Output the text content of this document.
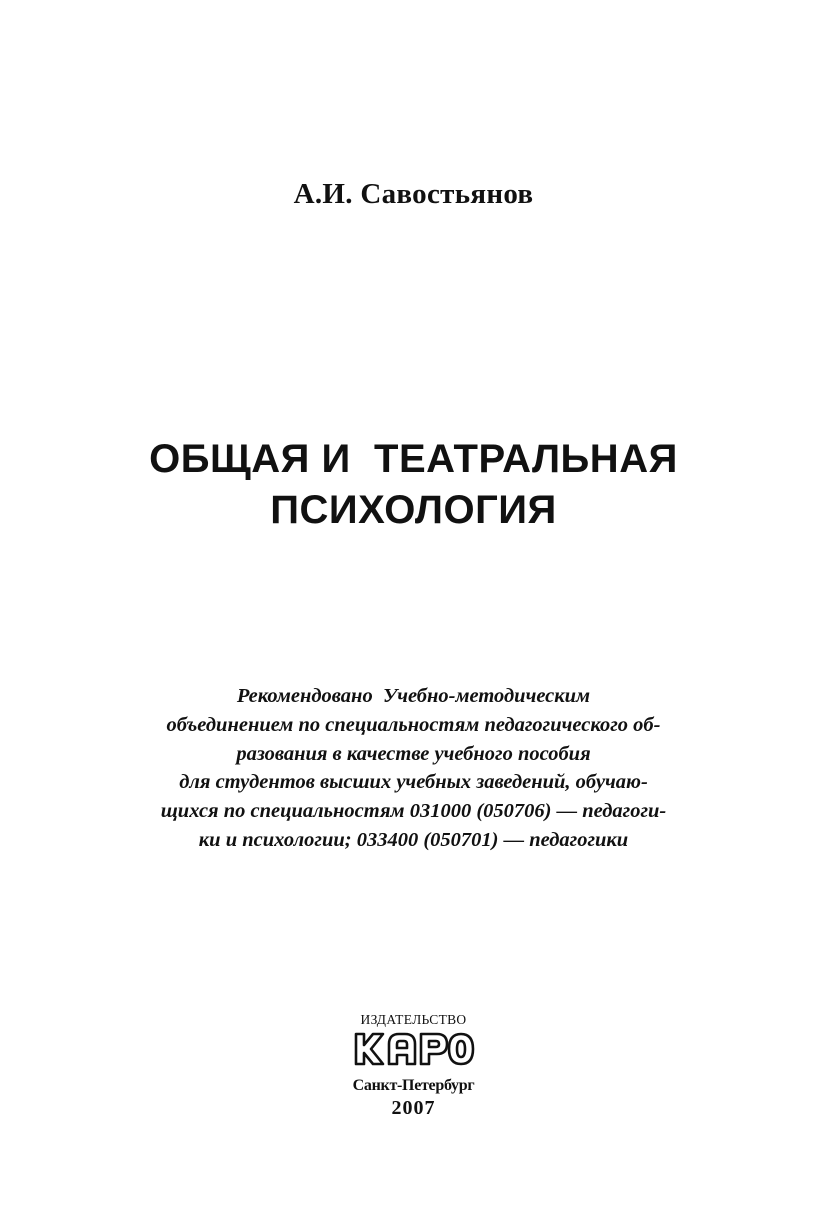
А.И. Савостьянов
ОБЩАЯ И  ТЕАТРАЛЬНАЯ
ПСИХОЛОГИЯ
Рекомендовано  Учебно-методическим
объединением по специальностям педагогического об-
разования в качестве учебного пособия
для студентов высших учебных заведений, обучаю-
щихся по специальностям 031000 (050706) — педагоги-
ки и психологии; 033400 (050701) — педагогики
ИЗДАТЕЛЬСТВО
Санкт-Петербург
2007
